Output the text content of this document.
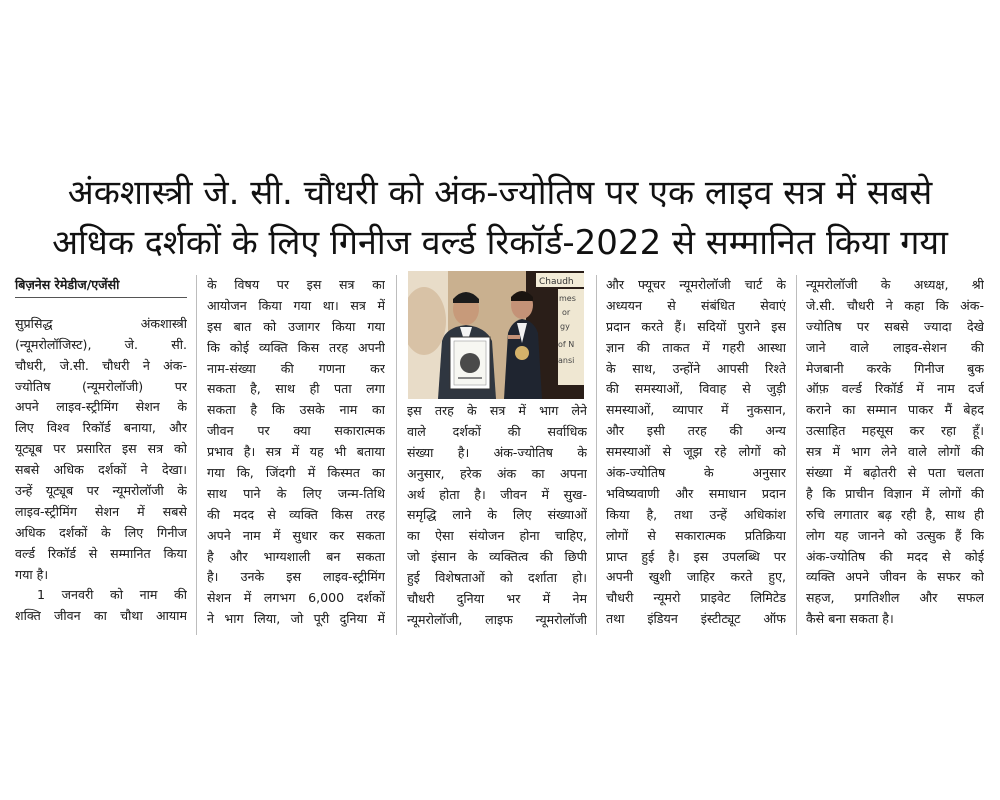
अंकशास्त्री जे. सी. चौधरी को अंक-ज्योतिष पर एक लाइव सत्र में सबसे
अधिक दर्शकों के लिए गिनीज वर्ल्ड रिकॉर्ड-2022 से सम्मानित किया गया
बिज़नेस रेमेडीज/एजेंसी
सुप्रसिद्ध अंकशास्त्री
(न्यूमरोलॉजिस्ट), जे. सी.
चौधरी, जे.सी. चौधरी ने अंक-
ज्योतिष (न्यूमरोलॉजी) पर
अपने लाइव-स्ट्रीमिंग सेशन के
लिए विश्व रिकॉर्ड बनाया, और
यूट्यूब पर प्रसारित इस सत्र को
सबसे अधिक दर्शकों ने देखा।
उन्हें यूट्यूब पर न्यूमरोलॉजी के
लाइव-स्ट्रीमिंग सेशन में सबसे
अधिक दर्शकों के लिए गिनीज
वर्ल्ड रिकॉर्ड से सम्मानित किया
गया है।
1 जनवरी को नाम की
शक्ति जीवन का चौथा आयाम
के विषय पर इस सत्र का
आयोजन किया गया था। सत्र में
इस बात को उजागर किया गया
कि कोई व्यक्ति किस तरह अपनी
नाम-संख्या की गणना कर
सकता है, साथ ही पता लगा
सकता है कि उसके नाम का
जीवन पर क्या सकारात्मक
प्रभाव है। सत्र में यह भी बताया
गया कि, जिंदगी में किस्मत का
साथ पाने के लिए जन्म-तिथि
की मदद से व्यक्ति किस तरह
अपने नाम में सुधार कर सकता
है और भाग्यशाली बन सकता
है। उनके इस लाइव-स्ट्रीमिंग
सेशन में लगभग 6,000 दर्शकों
ने भाग लिया, जो पूरी दुनिया में
Chaudh
mes
or
gy
of N
ansi
इस तरह के सत्र में भाग लेने
वाले दर्शकों की सर्वाधिक
संख्या है। अंक-ज्योतिष के
अनुसार, हरेक अंक का अपना
अर्थ होता है। जीवन में सुख-
समृद्धि लाने के लिए संख्याओं
का ऐसा संयोजन होना चाहिए,
जो इंसान के व्यक्तित्व की छिपी
हुई विशेषताओं को दर्शाता हो।
चौधरी दुनिया भर में नेम
न्यूमरोलॉजी, लाइफ न्यूमरोलॉजी
और फ्यूचर न्यूमरोलॉजी चार्ट के
अध्ययन से संबंधित सेवाएं
प्रदान करते हैं। सदियों पुराने इस
ज्ञान की ताकत में गहरी आस्था
के साथ, उन्होंने आपसी रिश्ते
की समस्याओं, विवाह से जुड़ी
समस्याओं, व्यापार में नुकसान,
और इसी तरह की अन्य
समस्याओं से जूझ रहे लोगों को
अंक-ज्योतिष के अनुसार
भविष्यवाणी और समाधान प्रदान
किया है, तथा उन्हें अधिकांश
लोगों से सकारात्मक प्रतिक्रिया
प्राप्त हुई है। इस उपलब्धि पर
अपनी खुशी जाहिर करते हुए,
चौधरी न्यूमरो प्राइवेट लिमिटेड
तथा इंडियन इंस्टीट्यूट ऑफ
न्यूमरोलॉजी के अध्यक्ष, श्री
जे.सी. चौधरी ने कहा कि अंक-
ज्योतिष पर सबसे ज्यादा देखे
जाने वाले लाइव-सेशन की
मेजबानी करके गिनीज बुक
ऑफ़ वर्ल्ड रिकॉर्ड में नाम दर्ज
कराने का सम्मान पाकर मैं बेहद
उत्साहित महसूस कर रहा हूँ।
सत्र में भाग लेने वाले लोगों की
संख्या में बढ़ोतरी से पता चलता
है कि प्राचीन विज्ञान में लोगों की
रुचि लगातार बढ़ रही है, साथ ही
लोग यह जानने को उत्सुक हैं कि
अंक-ज्योतिष की मदद से कोई
व्यक्ति अपने जीवन के सफर को
सहज, प्रगतिशील और सफल
कैसे बना सकता है।
